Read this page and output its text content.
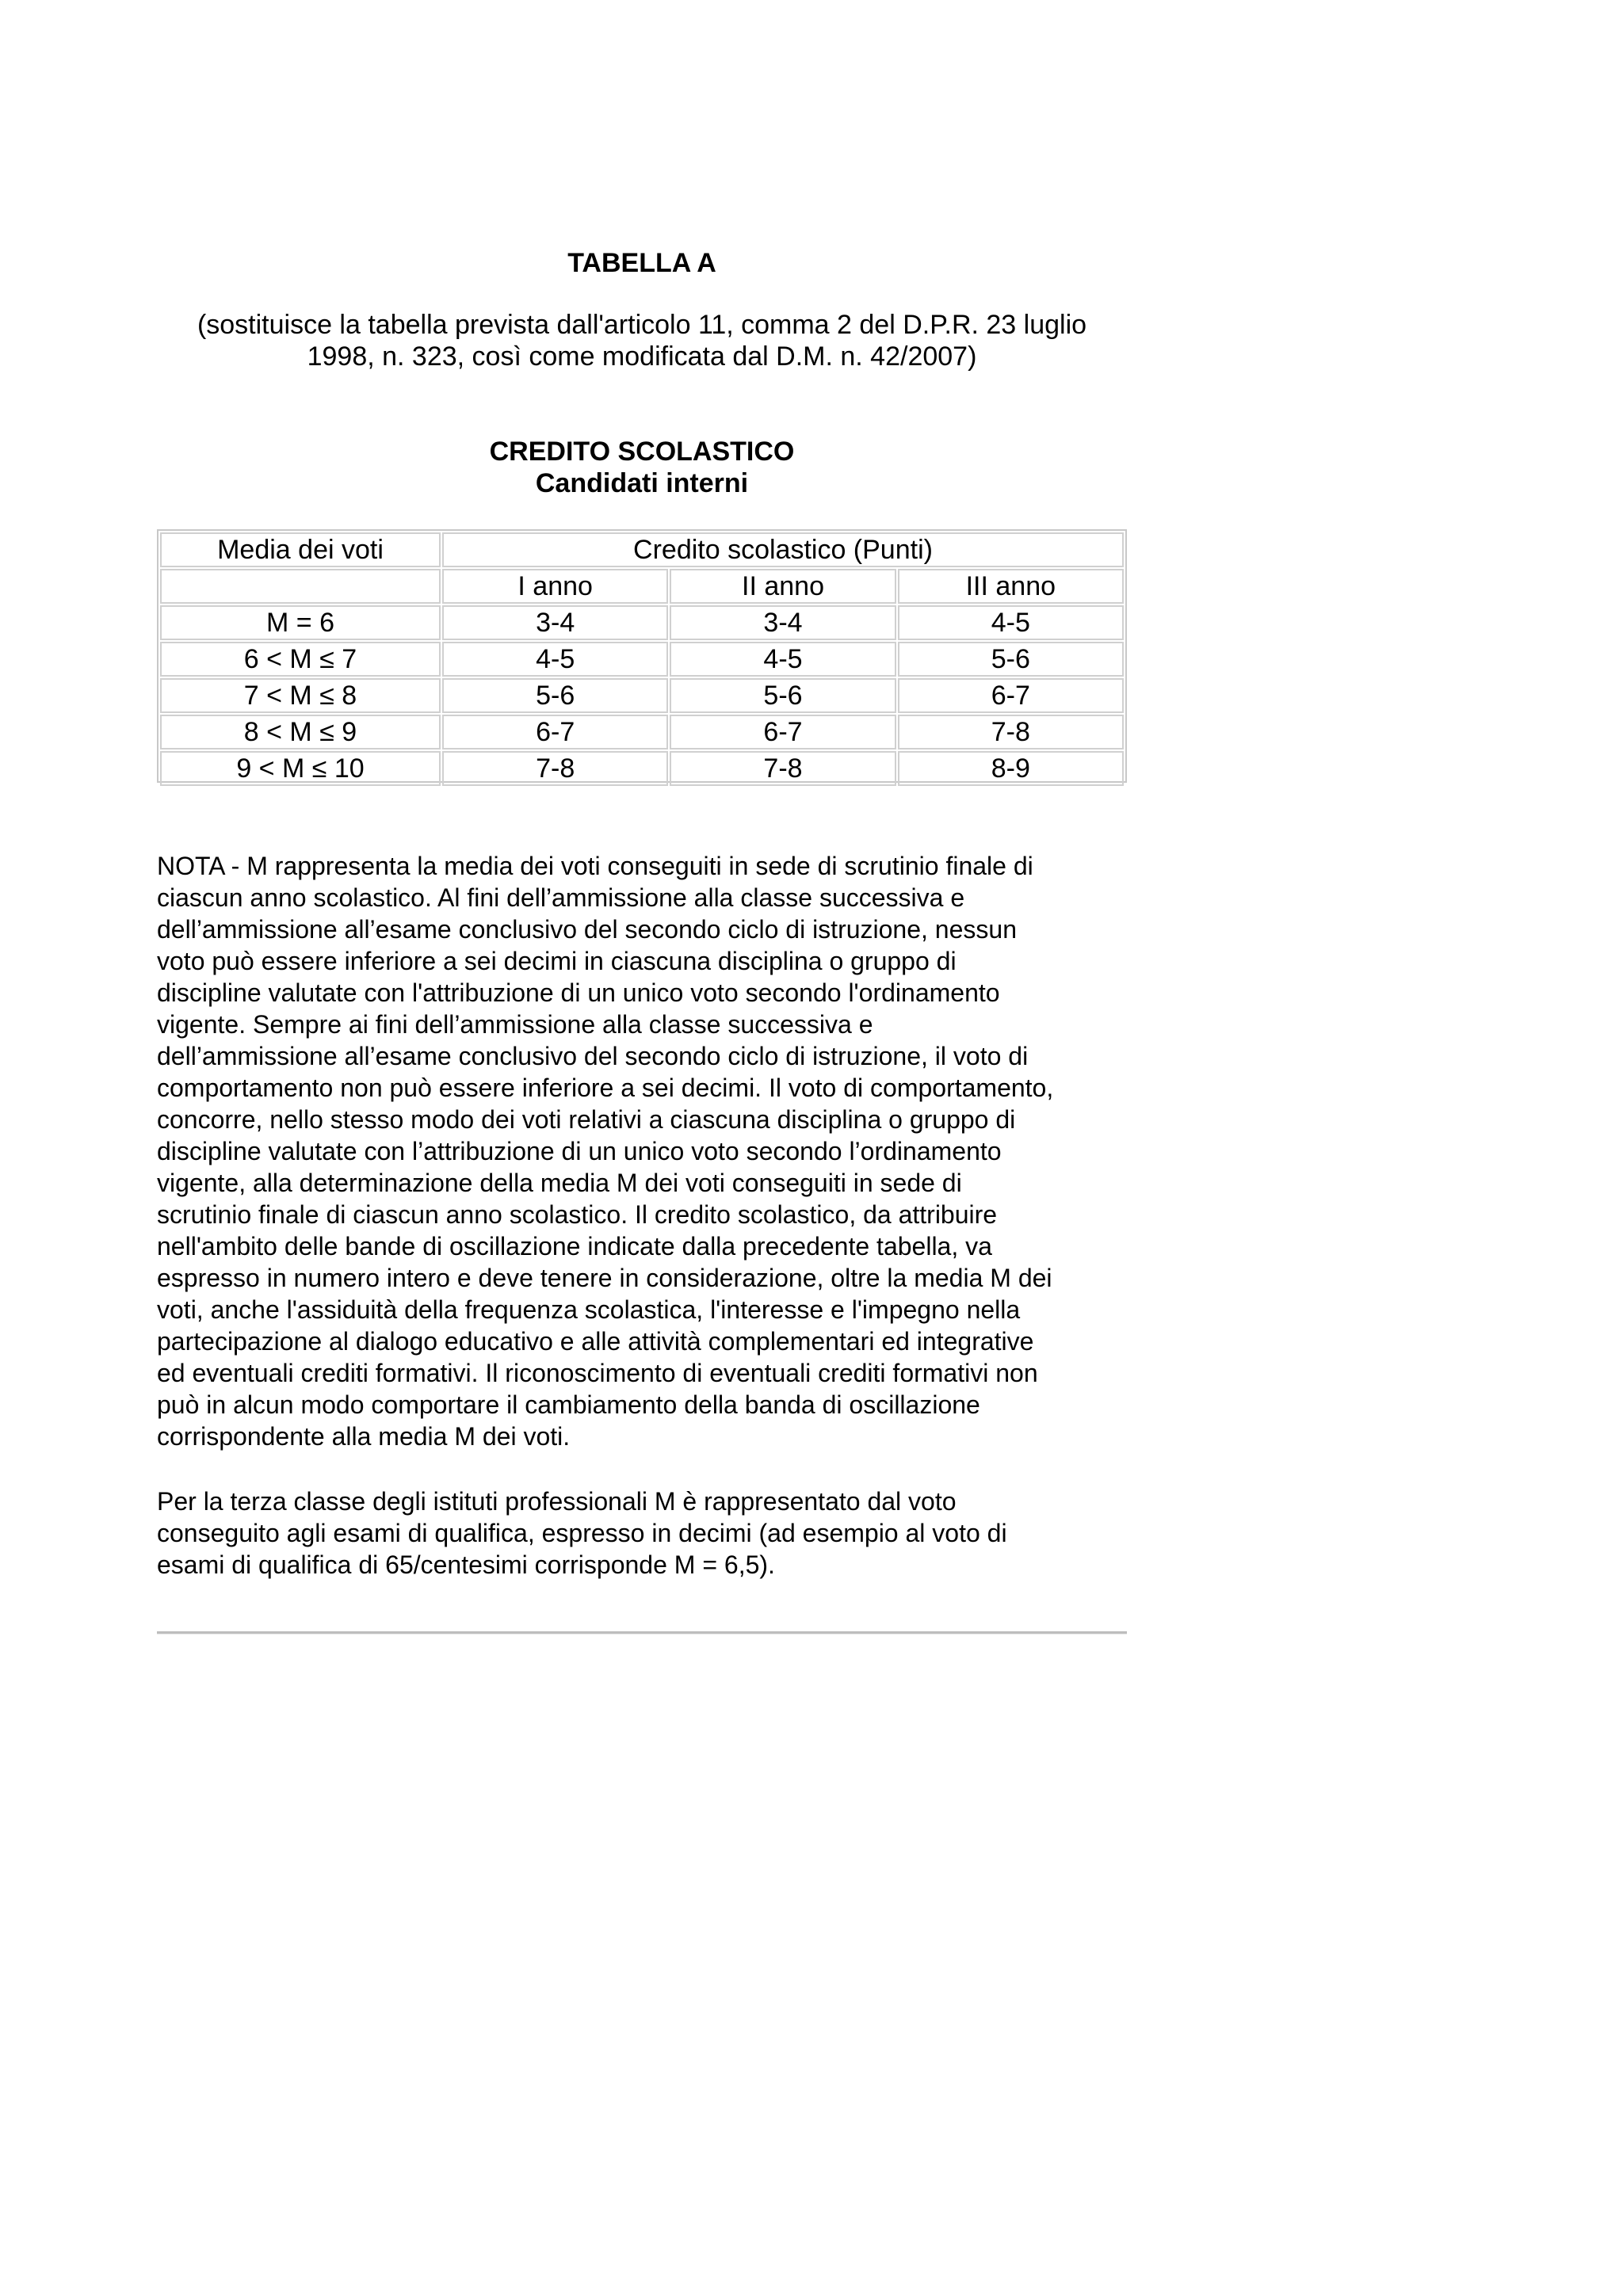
TABELLA A
(sostituisce la tabella prevista dall'articolo 11, comma 2 del D.P.R. 23 luglio
1998, n. 323, così come modificata dal D.M. n. 42/2007)
CREDITO SCOLASTICO
Candidati interni
Media dei voti	Credito scolastico (Punti)		
	I anno	II anno	III anno
M = 6	3-4	3-4	4-5
6 < M ≤ 7	4-5	4-5	5-6
7 < M ≤ 8	5-6	5-6	6-7
8 < M ≤ 9	6-7	6-7	7-8
9 < M ≤ 10	7-8	7-8	8-9
NOTA - M rappresenta la media dei voti conseguiti in sede di scrutinio finale di
ciascun anno scolastico. Al fini dell’ammissione alla classe successiva e
dell’ammissione all’esame conclusivo del secondo ciclo di istruzione, nessun
voto può essere inferiore a sei decimi in ciascuna disciplina o gruppo di
discipline valutate con l'attribuzione di un unico voto secondo l'ordinamento
vigente. Sempre ai fini dell’ammissione alla classe successiva e
dell’ammissione all’esame conclusivo del secondo ciclo di istruzione, il voto di
comportamento non può essere inferiore a sei decimi. Il voto di comportamento,
concorre, nello stesso modo dei voti relativi a ciascuna disciplina o gruppo di
discipline valutate con l’attribuzione di un unico voto secondo l’ordinamento
vigente, alla determinazione della media M dei voti conseguiti in sede di
scrutinio finale di ciascun anno scolastico. Il credito scolastico, da attribuire
nell'ambito delle bande di oscillazione indicate dalla precedente tabella, va
espresso in numero intero e deve tenere in considerazione, oltre la media M dei
voti, anche l'assiduità della frequenza scolastica, l'interesse e l'impegno nella
partecipazione al dialogo educativo e alle attività complementari ed integrative
ed eventuali crediti formativi. Il riconoscimento di eventuali crediti formativi non
può in alcun modo comportare il cambiamento della banda di oscillazione
corrispondente alla media M dei voti.
Per la terza classe degli istituti professionali M è rappresentato dal voto
conseguito agli esami di qualifica, espresso in decimi (ad esempio al voto di
esami di qualifica di 65/centesimi corrisponde M = 6,5).
